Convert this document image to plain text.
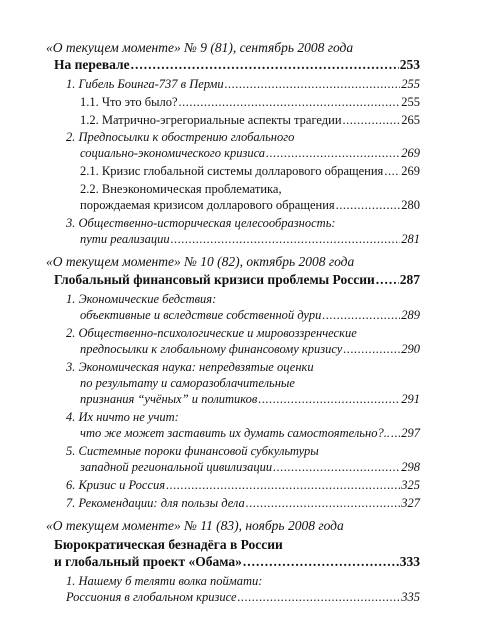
«О текущем моменте» № 9 (81), сентябрь 2008 года
На перевале .....	253
1. Гибель Боинга-737 в Перми .....	255
1.1. Что это было? .....	255
1.2. Матрично-эгрегориальные аспекты трагедии .....	265
2. Предпосылки к обострению глобального
социально-экономического кризиса .....	269
2.1. Кризис глобальной системы долларового обращения ..... 269
2.2. Внеэкономическая проблематика,
порождаемая кризисом долларового обращения .....	280
3. Общественно-историческая целесообразность:
пути реализации .....	281
«О текущем моменте» № 10 (82), октябрь 2008 года
Глобальный финансовый кризиси проблемы России ..... 287
1. Экономические бедствия:
объективные и вследствие собственной дури .....	289
2. Общественно-психологические и мировоззренческие
предпосылки к глобальному финансовому кризису .....	290
3. Экономическая наука: непредвзятые оценки
по результату и саморазоблачительные
признания “учёных” и политиков .....	291
4. Их ничто не учит:
что же может заставить их думать самостоятельно?.. ..... 297
5. Системные пороки финансовой субкультуры
западной региональной цивилизации .....	298
6. Кризис и Россия .....	325
7. Рекомендации: для пользы дела .....	327
«О текущем моменте» № 11 (83), ноябрь 2008 года
Бюрократическая безнадёга в России
и глобальный проект «Обама» .....	333
1. Нашему б теляти волка поймати:
Россиония в глобальном кризисе .....	335
